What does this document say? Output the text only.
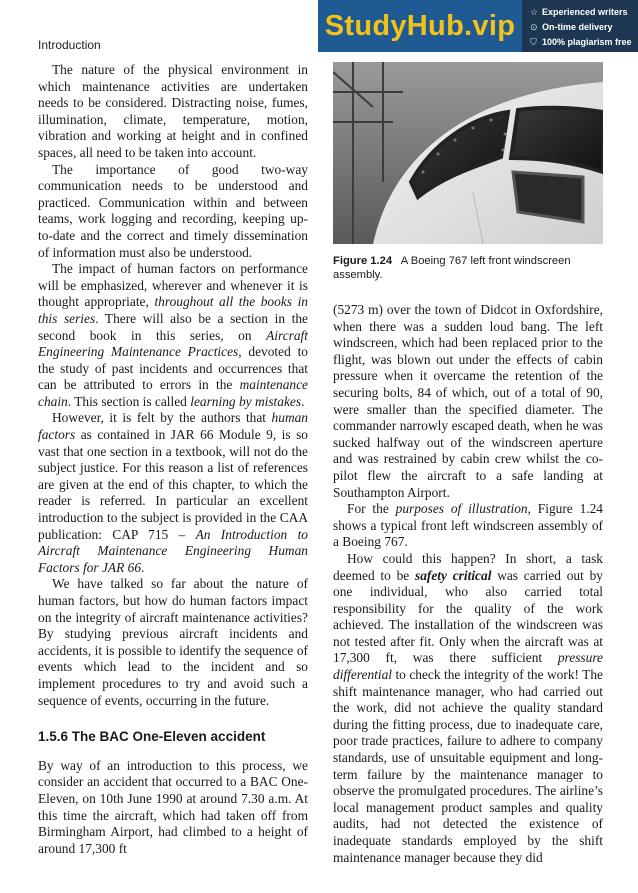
Introduction
StudyHub.vip	☆ Experienced writers
⊙ On-time delivery
⛉ 100% plagiarism free
Figure 1.24 A Boeing 767 left front windscreen assembly.

The nature of the physical environment in which maintenance activities are undertaken needs to be considered. Distracting noise, fumes, illumination, climate, temperature, motion, vibration and working at height and in confined spaces, all need to be taken into account.

The importance of good two-way communication needs to be understood and practiced. Communication within and between teams, work logging and recording, keeping up-to-date and the correct and timely dissemination of information must also be understood.

The impact of human factors on performance will be emphasized, wherever and whenever it is thought appropriate, throughout all the books in this series. There will also be a section in the second book in this series, on Aircraft Engineering Maintenance Practices, devoted to the study of past incidents and occurrences that can be attributed to errors in the maintenance chain. This section is called learning by mistakes.

However, it is felt by the authors that human factors as contained in JAR 66 Module 9, is so vast that one section in a textbook, will not do the subject justice. For this reason a list of references are given at the end of this chapter, to which the reader is referred. In particular an excellent introduction to the subject is provided in the CAA publication: CAP 715 – An Introduction to Aircraft Maintenance Engineering Human Factors for JAR 66.

We have talked so far about the nature of human factors, but how do human factors impact on the integrity of aircraft maintenance activities? By studying previous aircraft incidents and accidents, it is possible to identify the sequence of events which lead to the incident and so implement procedures to try and avoid such a sequence of events, occurring in the future.

1.5.6 The BAC One-Eleven accident

By way of an introduction to this process, we consider an accident that occurred to a BAC One-Eleven, on 10th June 1990 at around 7.30 a.m. At this time the aircraft, which had taken off from Birmingham Airport, had climbed to a height of around 17,300 ft

(5273 m) over the town of Didcot in Oxfordshire, when there was a sudden loud bang. The left windscreen, which had been replaced prior to the flight, was blown out under the effects of cabin pressure when it overcame the retention of the securing bolts, 84 of which, out of a total of 90, were smaller than the specified diameter. The commander narrowly escaped death, when he was sucked halfway out of the windscreen aperture and was restrained by cabin crew whilst the co-pilot flew the aircraft to a safe landing at Southampton Airport.

For the purposes of illustration, Figure 1.24 shows a typical front left windscreen assembly of a Boeing 767.

How could this happen? In short, a task deemed to be safety critical was carried out by one individual, who also carried total responsibility for the quality of the work achieved. The installation of the windscreen was not tested after fit. Only when the aircraft was at 17,300 ft, was there sufficient pressure differential to check the integrity of the work! The shift maintenance manager, who had carried out the work, did not achieve the quality standard during the fitting process, due to inadequate care, poor trade practices, failure to adhere to company standards, use of unsuitable equipment and long-term failure by the maintenance manager to observe the promulgated procedures. The airline’s local management product samples and quality audits, had not detected the existence of inadequate standards employed by the shift maintenance manager because they did
